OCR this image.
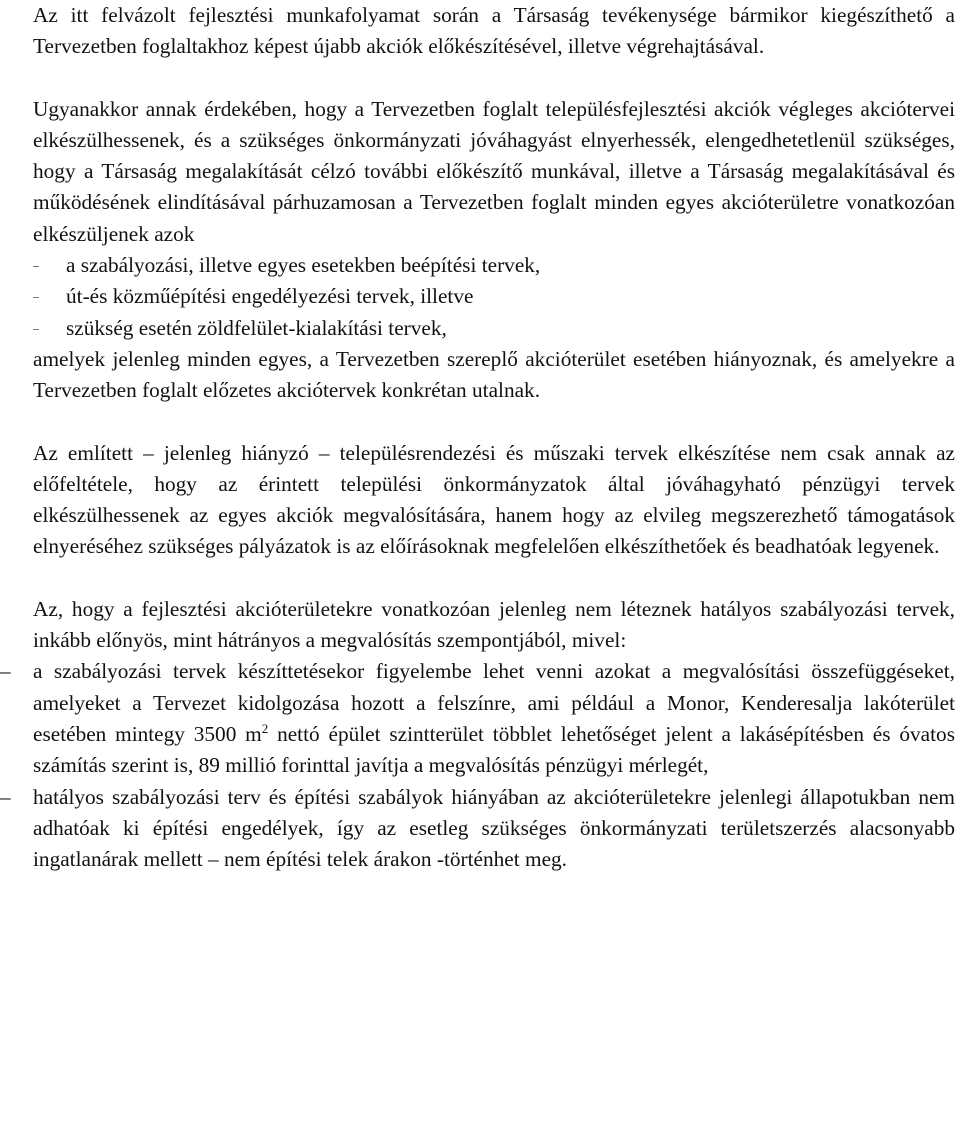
Az itt felvázolt fejlesztési munkafolyamat során a Társaság tevékenysége bármikor kiegészíthető a Tervezetben foglaltakhoz képest újabb akciók előkészítésével, illetve végrehajtásával.

Ugyanakkor annak érdekében, hogy a Tervezetben foglalt településfejlesztési akciók végleges akciótervei elkészülhessenek, és a szükséges önkormányzati jóváhagyást elnyerhessék, elengedhetetlenül szükséges, hogy a Társaság megalakítását célzó további előkészítő munkával, illetve a Társaság megalakításával és működésének elindításával párhuzamosan a Tervezetben foglalt minden egyes akcióterületre vonatkozóan elkészüljenek azok

– a szabályozási, illetve egyes esetekben beépítési tervek,
– út-és közműépítési engedélyezési tervek, illetve
– szükség esetén zöldfelület-kialakítási tervek,

amelyek jelenleg minden egyes, a Tervezetben szereplő akcióterület esetében hiányoznak, és amelyekre a Tervezetben foglalt előzetes akciótervek konkrétan utalnak.

Az említett – jelenleg hiányzó – településrendezési és műszaki tervek elkészítése nem csak annak az előfeltétele, hogy az érintett települési önkormányzatok által jóváhagyható pénzügyi tervek elkészülhessenek az egyes akciók megvalósítására, hanem hogy az elvileg megszerezhető támogatások elnyeréséhez szükséges pályázatok is az előírásoknak megfelelően elkészíthetőek és beadhatóak legyenek.

Az, hogy a fejlesztési akcióterületekre vonatkozóan jelenleg nem léteznek hatályos szabályozási tervek, inkább előnyös, mint hátrányos a megvalósítás szempontjából, mivel:

– a szabályozási tervek készíttetésekor figyelembe lehet venni azokat a megvalósítási összefüggéseket, amelyeket a Tervezet kidolgozása hozott a felszínre, ami például a Monor, Kenderesalja lakóterület esetében mintegy 3500 $m^2$ nettó épület szintterület többlet lehetőséget jelent a lakásépítésben és óvatos számítás szerint is, 89 millió forinttal javítja a megvalósítás pénzügyi mérlegét,
– hatályos szabályozási terv és építési szabályok hiányában az akcióterületekre jelenlegi állapotukban nem adhatóak ki építési engedélyek, így az esetleg szükséges önkormányzati területszerzés alacsonyabb ingatlanárak mellett – nem építési telek árakon -történhet meg.
